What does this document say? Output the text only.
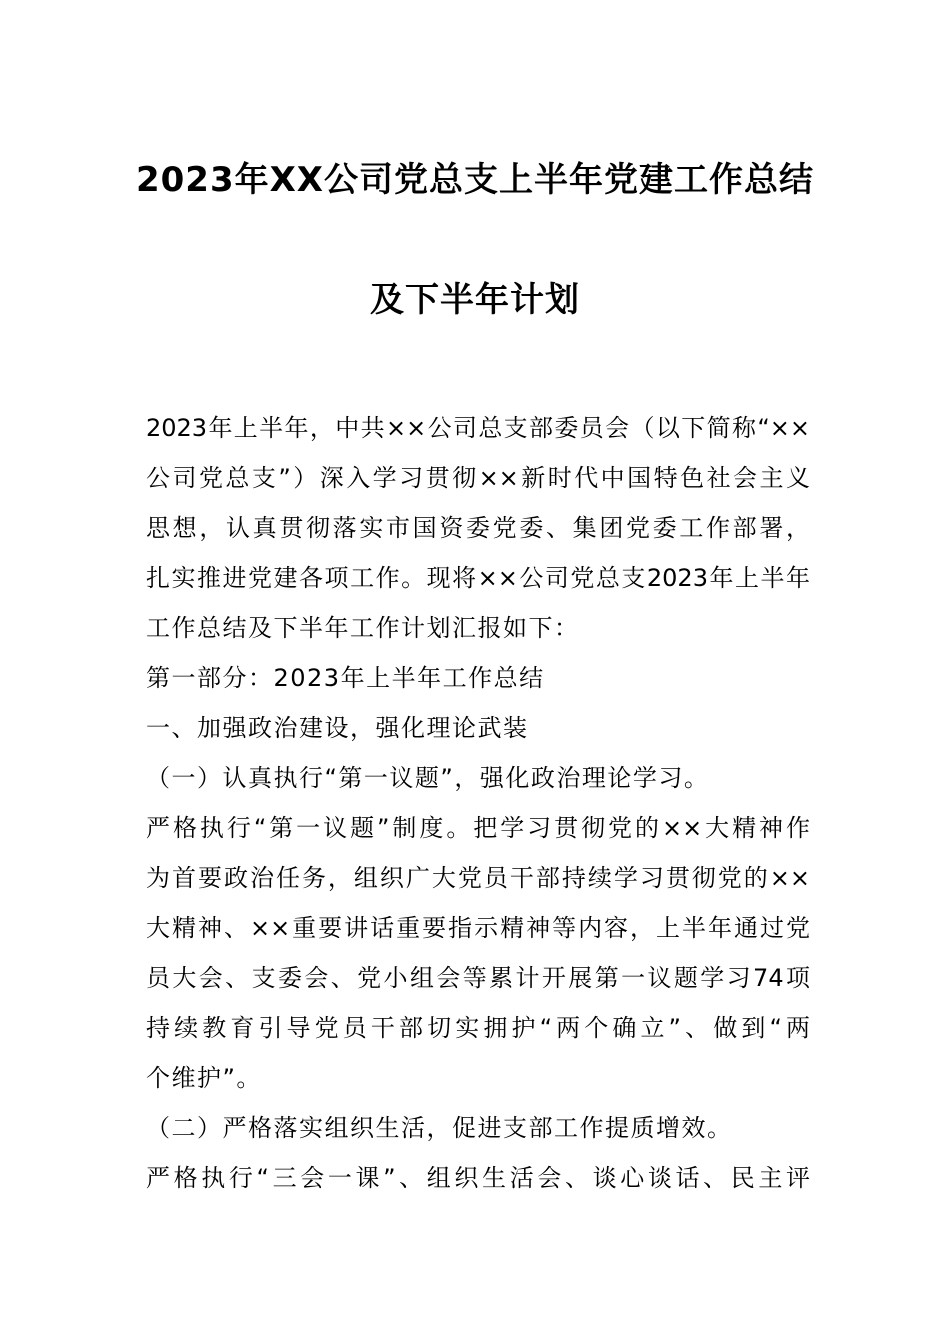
2023年XX公司党总支上半年党建工作总结
及下半年计划
2023年上半年，中共××公司总支部委员会（以下简称“××
公司党总支”）深入学习贯彻××新时代中国特色社会主义
思想，认真贯彻落实市国资委党委、集团党委工作部署，
扎实推进党建各项工作。现将××公司党总支2023年上半年
工作总结及下半年工作计划汇报如下：
第一部分：2023年上半年工作总结
一、加强政治建设，强化理论武装
（一）认真执行“第一议题”，强化政治理论学习。
严格执行“第一议题”制度。把学习贯彻党的××大精神作
为首要政治任务，组织广大党员干部持续学习贯彻党的××
大精神、××重要讲话重要指示精神等内容，上半年通过党
员大会、支委会、党小组会等累计开展第一议题学习74项
持续教育引导党员干部切实拥护“两个确立”、做到“两
个维护”。
（二）严格落实组织生活，促进支部工作提质增效。
严格执行“三会一课”、组织生活会、谈心谈话、民主评
